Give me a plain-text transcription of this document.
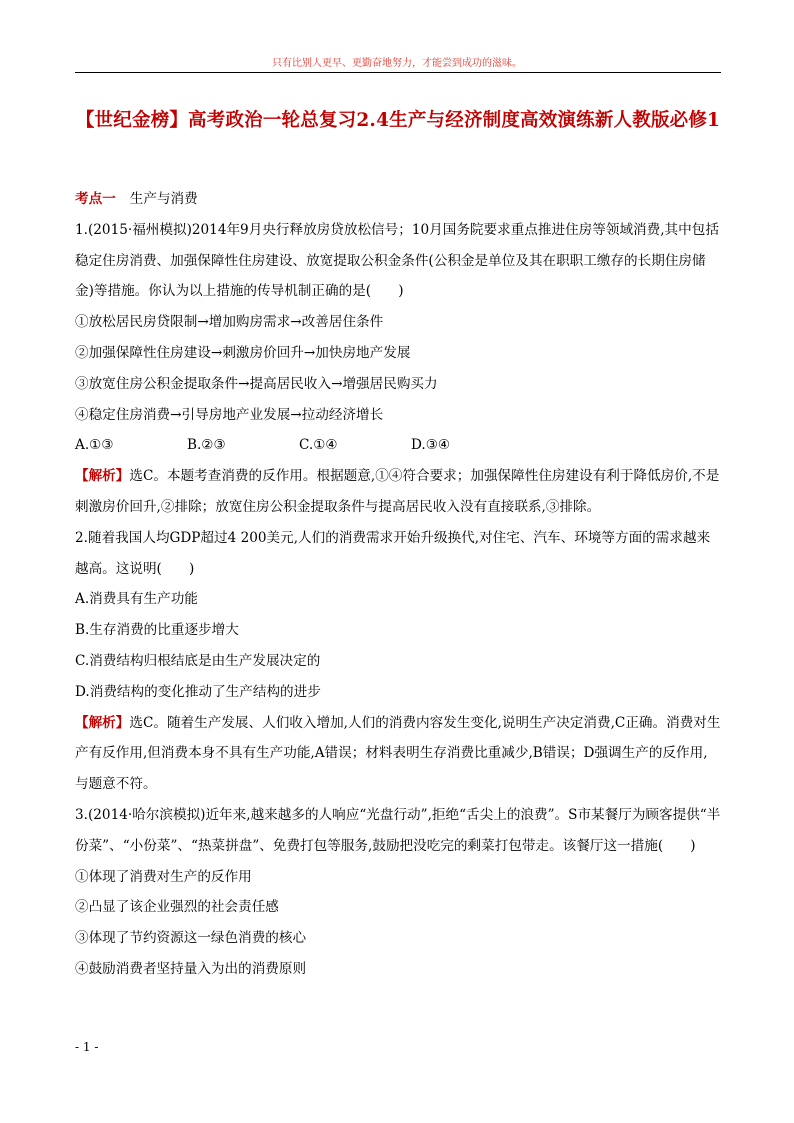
只有比别人更早、更勤奋地努力，才能尝到成功的滋味。
【世纪金榜】高考政治一轮总复习2.4生产与经济制度高效演练新人教版必修1

考点一 生产与消费

1.(2015·福州模拟)2014年9月央行释放房贷放松信号；10月国务院要求重点推进住房等领域消费,其中包括稳定住房消费、加强保障性住房建设、放宽提取公积金条件(公积金是单位及其在职职工缴存的长期住房储金)等措施。你认为以上措施的传导机制正确的是(　　)

①放松居民房贷限制→增加购房需求→改善居住条件

②加强保障性住房建设→刺激房价回升→加快房地产发展

③放宽住房公积金提取条件→提高居民收入→增强居民购买力

④稳定住房消费→引导房地产业发展→拉动经济增长

A.①③	B.②③	C.①④	D.③④

【解析】选C。本题考查消费的反作用。根据题意,①④符合要求；加强保障性住房建设有利于降低房价,不是刺激房价回升,②排除；放宽住房公积金提取条件与提高居民收入没有直接联系,③排除。

2.随着我国人均GDP超过4 200美元,人们的消费需求开始升级换代,对住宅、汽车、环境等方面的需求越来越高。这说明(　　)

A.消费具有生产功能

B.生存消费的比重逐步增大

C.消费结构归根结底是由生产发展决定的

D.消费结构的变化推动了生产结构的进步

【解析】选C。随着生产发展、人们收入增加,人们的消费内容发生变化,说明生产决定消费,C正确。消费对生产有反作用,但消费本身不具有生产功能,A错误；材料表明生存消费比重减少,B错误；D强调生产的反作用,与题意不符。

3.(2014·哈尔滨模拟)近年来,越来越多的人响应“光盘行动”,拒绝“舌尖上的浪费”。S市某餐厅为顾客提供“半份菜”、“小份菜”、“热菜拼盘”、免费打包等服务,鼓励把没吃完的剩菜打包带走。该餐厅这一措施(　　)

①体现了消费对生产的反作用

②凸显了该企业强烈的社会责任感

③体现了节约资源这一绿色消费的核心

④鼓励消费者坚持量入为出的消费原则

- 1 -
